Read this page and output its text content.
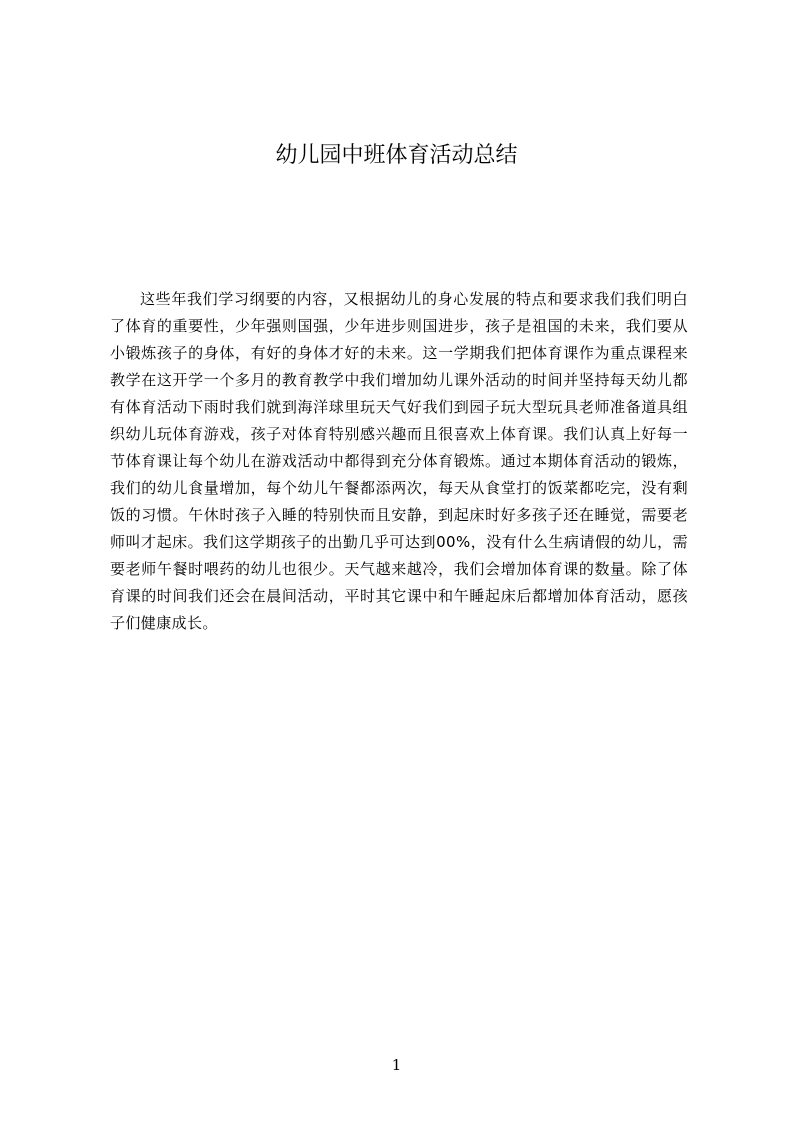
幼儿园中班体育活动总结

这些年我们学习纲要的内容，又根据幼儿的身心发展的特点和要求我们我们明白了体育的重要性，少年强则国强，少年进步则国进步，孩子是祖国的未来，我们要从小锻炼孩子的身体，有好的身体才好的未来。这一学期我们把体育课作为重点课程来教学在这开学一个多月的教育教学中我们增加幼儿课外活动的时间并坚持每天幼儿都有体育活动下雨时我们就到海洋球里玩天气好我们到园子玩大型玩具老师准备道具组织幼儿玩体育游戏，孩子对体育特别感兴趣而且很喜欢上体育课。我们认真上好每一节体育课让每个幼儿在游戏活动中都得到充分体育锻炼。通过本期体育活动的锻炼，我们的幼儿食量增加，每个幼儿午餐都添两次，每天从食堂打的饭菜都吃完，没有剩饭的习惯。午休时孩子入睡的特别快而且安静，到起床时好多孩子还在睡觉，需要老师叫才起床。我们这学期孩子的出勤几乎可达到00%，没有什么生病请假的幼儿，需要老师午餐时喂药的幼儿也很少。天气越来越冷，我们会增加体育课的数量。除了体育课的时间我们还会在晨间活动，平时其它课中和午睡起床后都增加体育活动，愿孩子们健康成长。

1
